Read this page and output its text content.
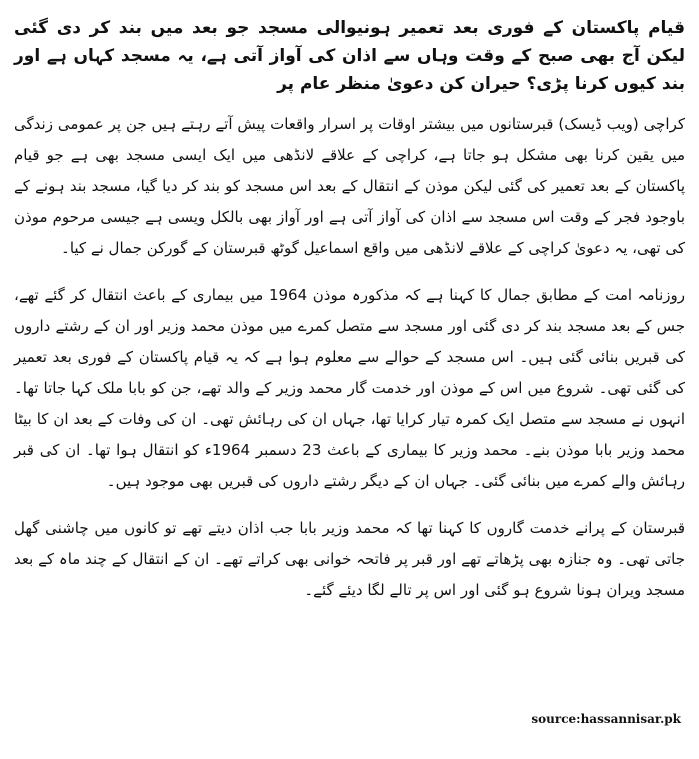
قیام پاکستان کے فوری بعد تعمیر ہونیوالی مسجد جو بعد میں بند کر دی گئی لیکن آج بھی صبح کے وقت وہاں سے اذان کی آواز آتی ہے، یہ مسجد کہاں ہے اور بند کیوں کرنا پڑی؟ حیران کن دعویٰ منظر عام پر
کراچی (ویب ڈیسک) قبرستانوں میں بیشتر اوقات پر اسرار واقعات پیش آتے رہتے ہیں جن پر عمومی زندگی میں یقین کرنا بھی مشکل ہو جاتا ہے، کراچی کے علاقے لانڈھی میں ایک ایسی مسجد بھی ہے جو قیام پاکستان کے بعد تعمیر کی گئی لیکن موذن کے انتقال کے بعد اس مسجد کو بند کر دیا گیا، مسجد بند ہونے کے باوجود فجر کے وقت اس مسجد سے اذان کی آواز آتی ہے اور آواز بھی بالکل ویسی ہے جیسی مرحوم موذن کی تھی، یہ دعویٰ کراچی کے علاقے لانڈھی میں واقع اسماعیل گوٹھ قبرستان کے گورکن جمال نے کیا۔
روزنامہ امت کے مطابق جمال کا کہنا ہے کہ مذکورہ موذن 1964 میں بیماری کے باعث انتقال کر گئے تھے، جس کے بعد مسجد بند کر دی گئی اور مسجد سے متصل کمرے میں موذن محمد وزیر اور ان کے رشتے داروں کی قبریں بنائی گئی ہیں۔ اس مسجد کے حوالے سے معلوم ہوا ہے کہ یہ قیام پاکستان کے فوری بعد تعمیر کی گئی تھی۔ شروع میں اس کے موذن اور خدمت گار محمد وزیر کے والد تھے، جن کو بابا ملک کہا جاتا تھا۔ انہوں نے مسجد سے متصل ایک کمرہ تیار کرایا تھا، جہاں ان کی رہائش تھی۔ ان کی وفات کے بعد ان کا بیٹا محمد وزیر بابا موذن بنے۔ محمد وزیر کا بیماری کے باعث 23 دسمبر 1964ء کو انتقال ہوا تھا۔ ان کی قبر رہائش والے کمرے میں بنائی گئی۔ جہاں ان کے دیگر رشتے داروں کی قبریں بھی موجود ہیں۔
قبرستان کے پرانے خدمت گاروں کا کہنا تھا کہ محمد وزیر بابا جب اذان دیتے تھے تو کانوں میں چاشنی گھل جاتی تھی۔ وہ جنازہ بھی پڑھاتے تھے اور قبر پر فاتحہ خوانی بھی کراتے تھے۔ ان کے انتقال کے چند ماہ کے بعد مسجد ویران ہونا شروع ہو گئی اور اس پر تالے لگا دیئے گئے۔
source:hassannisar.pk
